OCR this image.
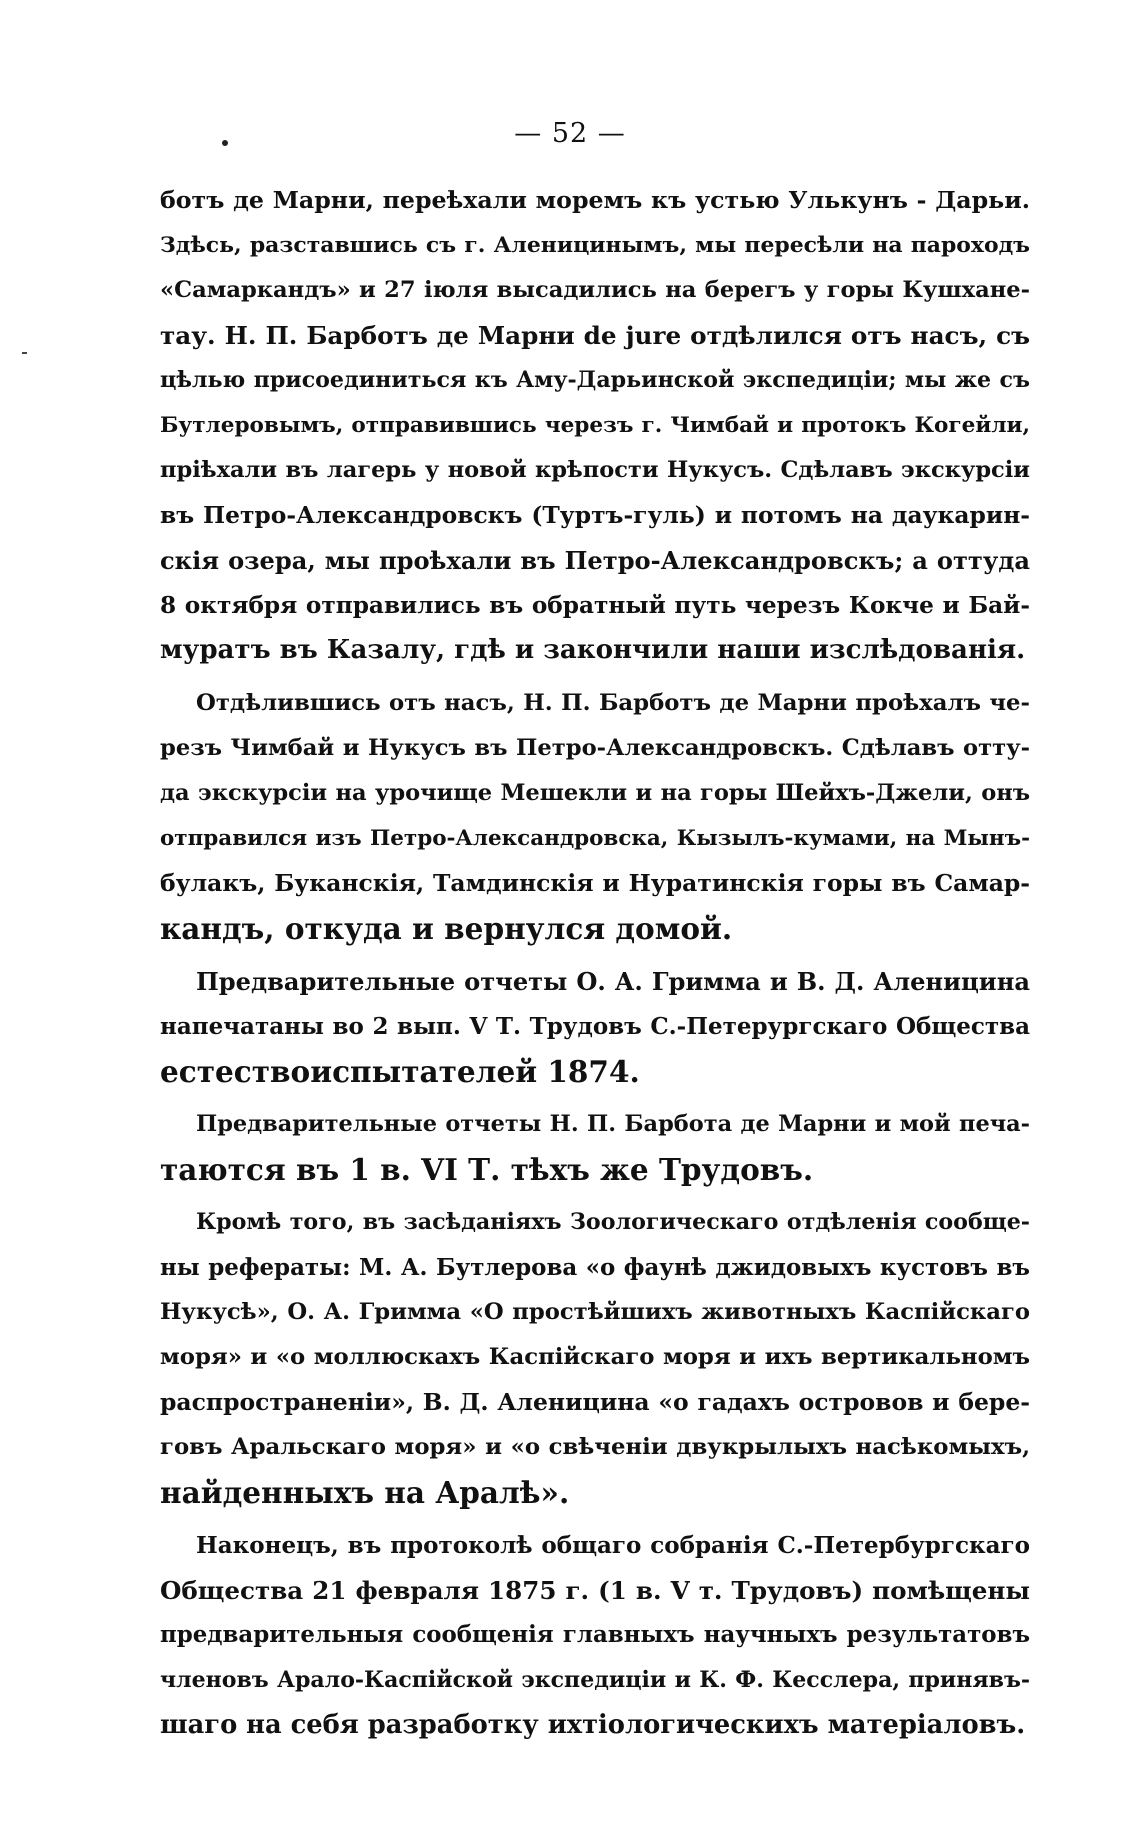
— 52 —
ботъ де Марни, переѣхали моремъ къ устью Улькунъ - Дарьи.
Здѣсь, разставшись съ г. Аленицинымъ, мы пересѣли на пароходъ
«Самаркандъ» и 27 іюля высадились на берегъ у горы Кушхане-
тау. Н. П. Барботъ де Марни de jure отдѣлился отъ насъ, съ
цѣлью присоединиться къ Аму-Дарьинской экспедиціи; мы же съ
Бутлеровымъ, отправившись черезъ г. Чимбай и протокъ Когейли,
пріѣхали въ лагерь у новой крѣпости Нукусъ. Сдѣлавъ экскурсіи
въ Петро-Александровскъ (Туртъ-гуль) и потомъ на даукарин-
скія озера, мы проѣхали въ Петро-Александровскъ; а оттуда
8 октября отправились въ обратный путь черезъ Кокче и Бай-
муратъ въ Казалу, гдѣ и закончили наши изслѣдованія.
Отдѣлившись отъ насъ, Н. П. Барботъ де Марни проѣхалъ че-
резъ Чимбай и Нукусъ въ Петро-Александровскъ. Сдѣлавъ отту-
да экскурсіи на урочище Мешекли и на горы Шейхъ-Джели, онъ
отправился изъ Петро-Александровска, Кызылъ-кумами, на Мынъ-
булакъ, Буканскія, Тамдинскія и Нуратинскія горы въ Самар-
кандъ, откуда и вернулся домой.
Предварительные отчеты О. А. Гримма и В. Д. Аленицина
напечатаны во 2 вып. V Т. Трудовъ С.-Петерургскаго Общества
естествоиспытателей 1874.
Предварительные отчеты Н. П. Барбота де Марни и мой печа-
таются въ 1 в. VI Т. тѣхъ же Трудовъ.
Кромѣ того, въ засѣданіяхъ Зоологическаго отдѣленія сообще-
ны рефераты: М. А. Бутлерова «о фаунѣ джидовыхъ кустовъ въ
Нукусѣ», О. А. Гримма «О простѣйшихъ животныхъ Каспійскаго
моря» и «о моллюскахъ Каспійскаго моря и ихъ вертикальномъ
распространеніи», В. Д. Аленицина «о гадахъ островов и бере-
говъ Аральскаго моря» и «о свѣченіи двукрылыхъ насѣкомыхъ,
найденныхъ на Аралѣ».
Наконецъ, въ протоколѣ общаго собранія С.-Петербургскаго
Общества 21 февраля 1875 г. (1 в. V т. Трудовъ) помѣщены
предварительныя сообщенія главныхъ научныхъ результатовъ
членовъ Арало-Каспійской экспедиціи и К. Ф. Кесслера, принявъ-
шаго на себя разработку ихтіологическихъ матеріаловъ.
